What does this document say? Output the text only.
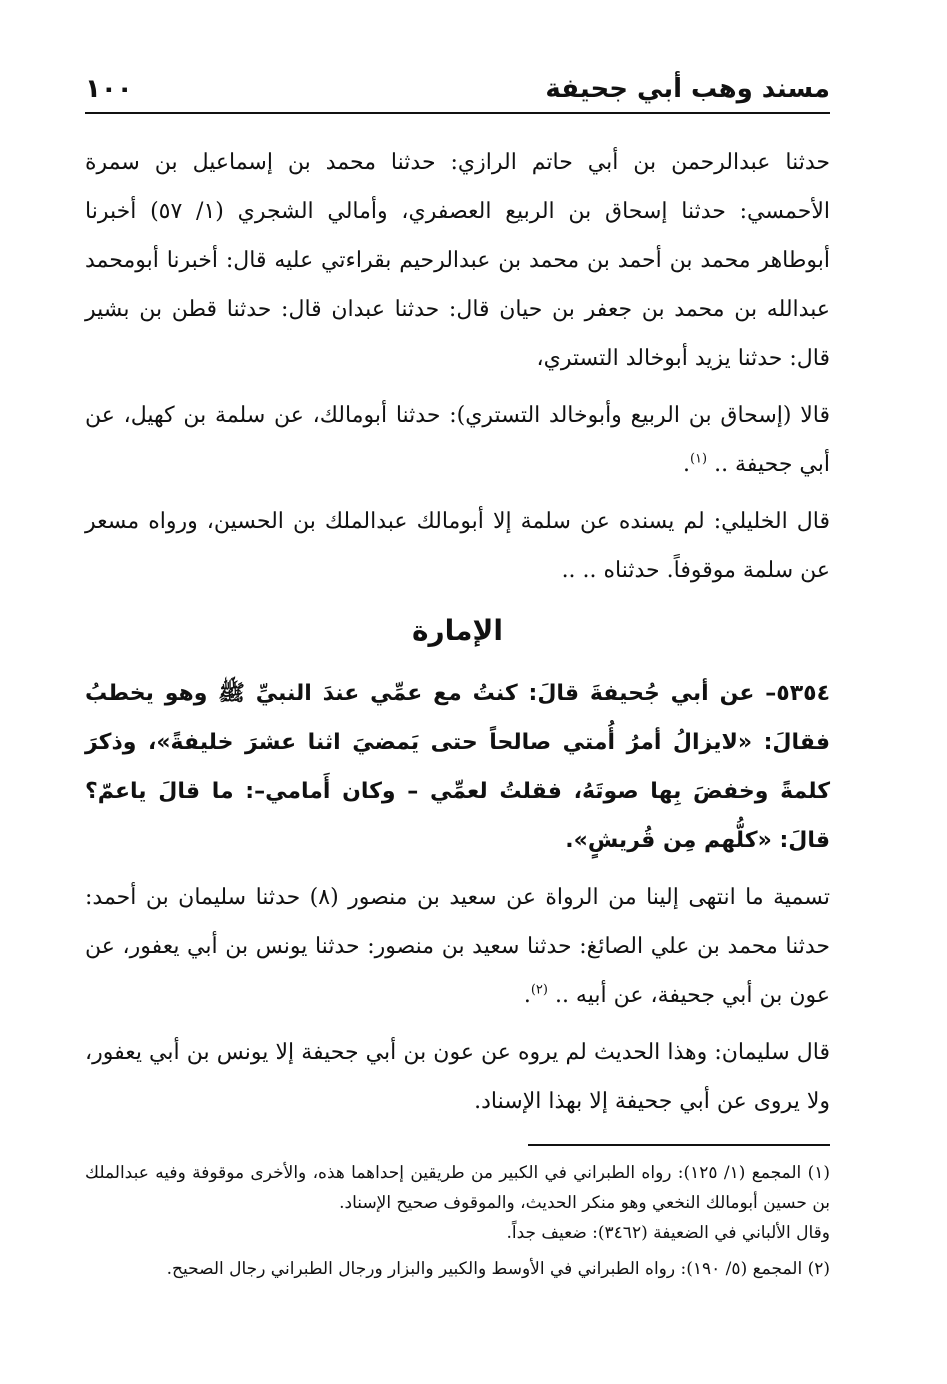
مسند وهب أبي جحيفة
١٠٠

حدثنا عبدالرحمن بن أبي حاتم الرازي: حدثنا محمد بن إسماعيل بن سمرة الأحمسي: حدثنا إسحاق بن الربيع العصفري، وأمالي الشجري (١/ ٥٧) أخبرنا أبوطاهر محمد بن أحمد بن محمد بن عبدالرحيم بقراءتي عليه قال: أخبرنا أبومحمد عبدالله بن محمد بن جعفر بن حيان قال: حدثنا عبدان قال: حدثنا قطن بن بشير قال: حدثنا يزيد أبوخالد التستري،

قالا (إسحاق بن الربيع وأبوخالد التستري): حدثنا أبومالك، عن سلمة بن كهيل، عن أبي جحيفة .. $^{(١)}$.

قال الخليلي: لم يسنده عن سلمة إلا أبومالك عبدالملك بن الحسين، ورواه مسعر عن سلمة موقوفاً. حدثناه .. ..

الإمارة

٥٣٥٤– عن أبي جُحيفةَ قالَ: كنتُ مع عمِّي عندَ النبيِّ ﷺ وهو يخطبُ فقالَ: «لايزالُ أمرُ أُمتي صالحاً حتى يَمضيَ اثنا عشرَ خليفةً»، وذكرَ كلمةً وخفضَ بِها صوتَهُ، فقلتُ لعمِّي – وكان أَمامي–: ما قالَ ياعمّ؟ قالَ: «كلُّهم مِن قُريشٍ».

تسمية ما انتهى إلينا من الرواة عن سعيد بن منصور (٨) حدثنا سليمان بن أحمد: حدثنا محمد بن علي الصائغ: حدثنا سعيد بن منصور: حدثنا يونس بن أبي يعفور، عن عون بن أبي جحيفة، عن أبيه .. $^{(٢)}$.

قال سليمان: وهذا الحديث لم يروه عن عون بن أبي جحيفة إلا يونس بن أبي يعفور، ولا يروى عن أبي جحيفة إلا بهذا الإسناد.

(١) المجمع (١/ ١٢٥): رواه الطبراني في الكبير من طريقين إحداهما هذه، والأخرى موقوفة وفيه عبدالملك بن حسين أبومالك النخعي وهو منكر الحديث، والموقوف صحيح الإسناد.
وقال الألباني في الضعيفة (٣٤٦٢): ضعيف جداً.

(٢) المجمع (٥/ ١٩٠): رواه الطبراني في الأوسط والكبير والبزار ورجال الطبراني رجال الصحيح.
